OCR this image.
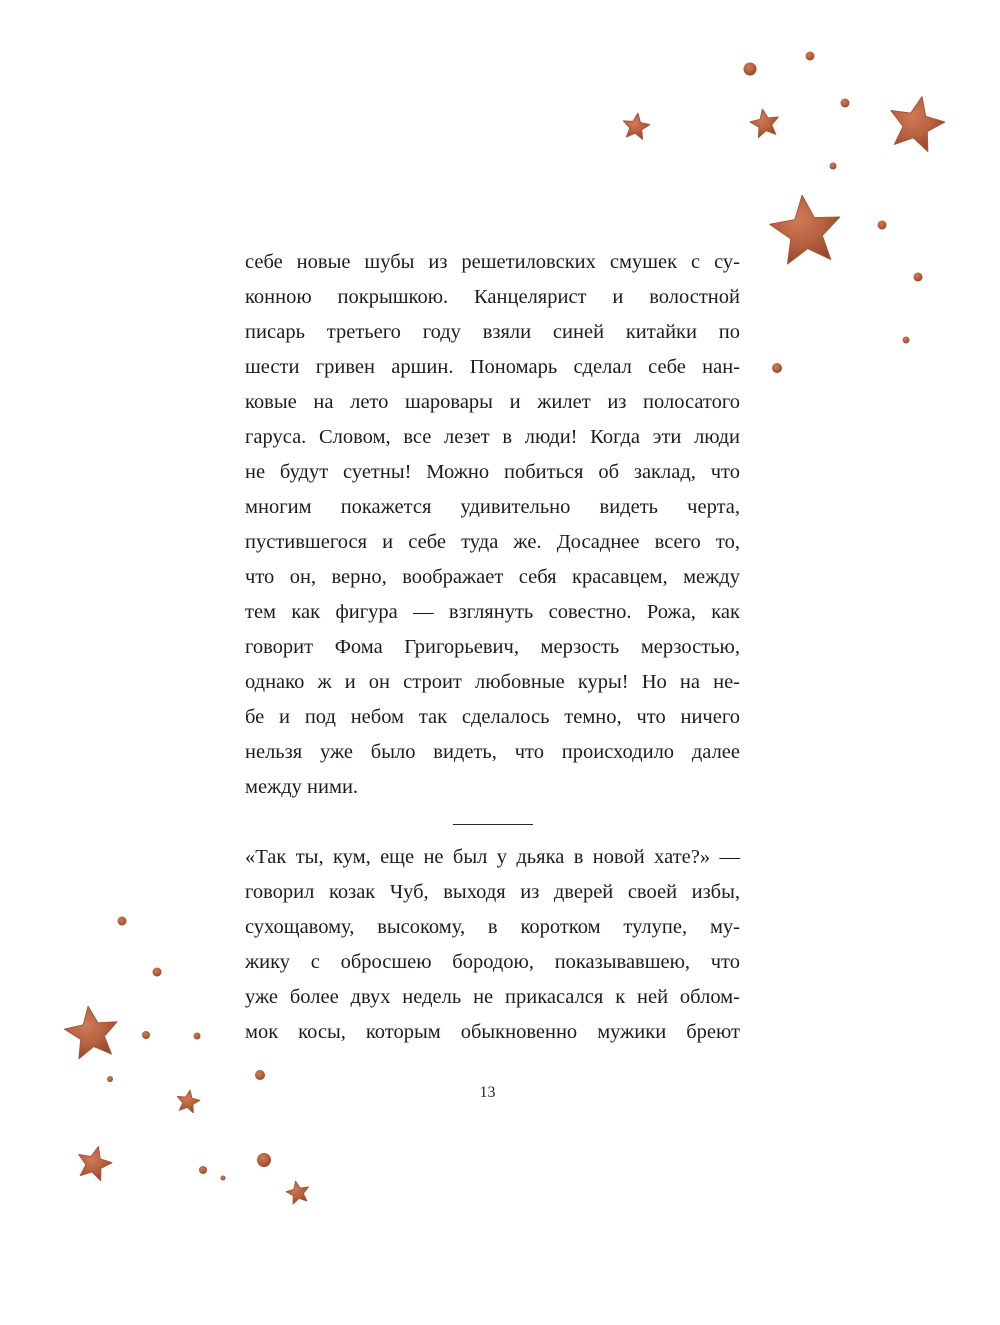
себе новые шубы из решетиловских смушек с су-
конною покрышкою. Канцелярист и волостной
писарь третьего году взяли синей китайки по
шести гривен аршин. Пономарь сделал себе нан-
ковые на лето шаровары и жилет из полосатого
гаруса. Словом, все лезет в люди! Когда эти люди
не будут суетны! Можно побиться об заклад, что
многим покажется удивительно видеть черта,
пустившегося и себе туда же. Досаднее всего то,
что он, верно, воображает себя красавцем, между
тем как фигура — взглянуть совестно. Рожа, как
говорит Фома Григорьевич, мерзость мерзостью,
однако ж и он строит любовные куры! Но на не-
бе и под небом так сделалось темно, что ничего
нельзя уже было видеть, что происходило далее
между ними.
«Так ты, кум, еще не был у дьяка в новой хате?» —
говорил козак Чуб, выходя из дверей своей избы,
сухощавому, высокому, в коротком тулупе, му-
жику с обросшею бородою, показывавшею, что
уже более двух недель не прикасался к ней облом-
мок косы, которым обыкновенно мужики бреют
13
